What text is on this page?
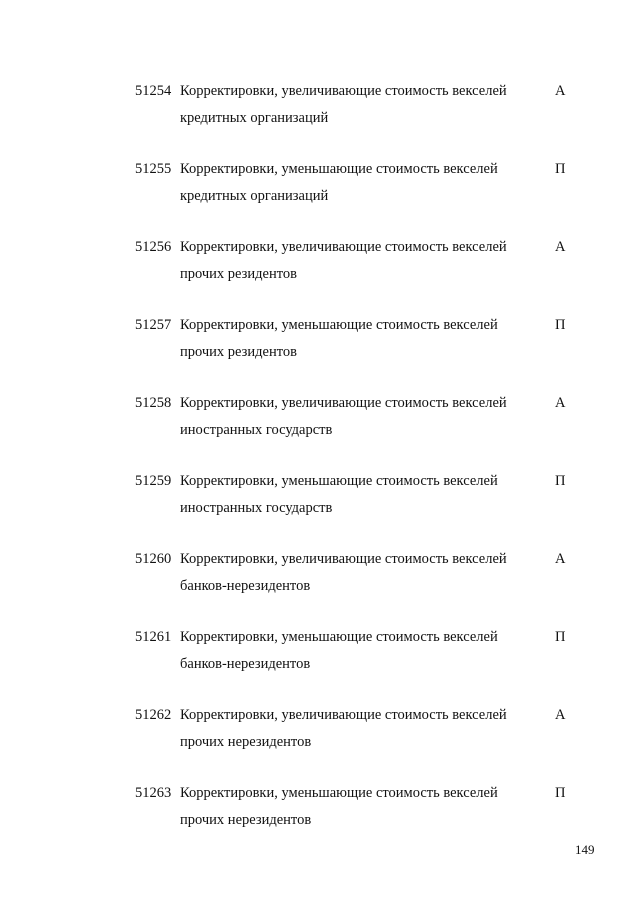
51254 Корректировки, увеличивающие стоимость векселей
кредитных организаций
А
51255 Корректировки, уменьшающие стоимость векселей
кредитных организаций
П
51256 Корректировки, увеличивающие стоимость векселей
прочих резидентов
А
51257 Корректировки, уменьшающие стоимость векселей
прочих резидентов
П
51258 Корректировки, увеличивающие стоимость векселей
иностранных государств
А
51259 Корректировки, уменьшающие стоимость векселей
иностранных государств
П
51260 Корректировки, увеличивающие стоимость векселей
банков-нерезидентов
А
51261 Корректировки, уменьшающие стоимость векселей
банков-нерезидентов
П
51262 Корректировки, увеличивающие стоимость векселей
прочих нерезидентов
А
51263 Корректировки, уменьшающие стоимость векселей
прочих нерезидентов
П
149
